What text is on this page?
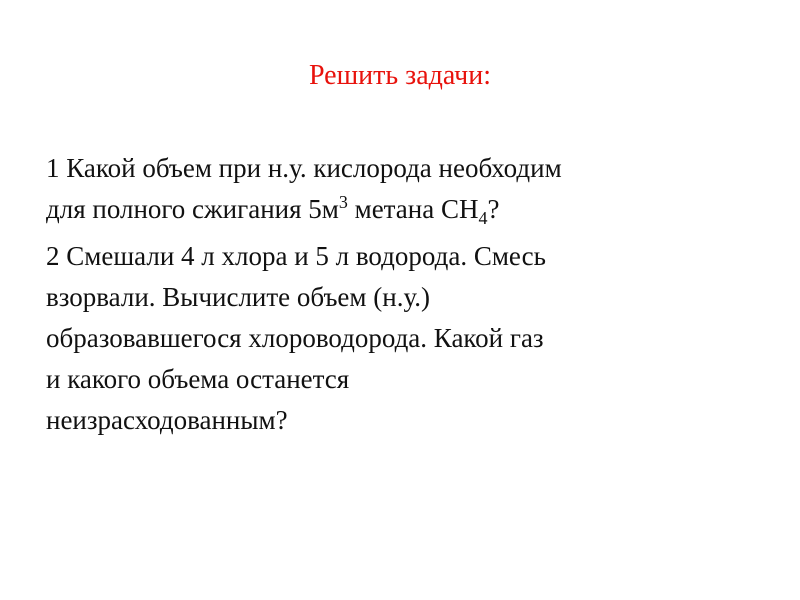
Решить задачи:
1 Какой объем при н.у. кислорода необходим
для полного сжигания $5м^3$ метана $СН_4$?
2 Смешали 4 л хлора и 5 л водорода. Смесь
взорвали. Вычислите объем (н.у.)
образовавшегося хлороводорода. Какой газ
и какого объема останется
неизрасходованным?
